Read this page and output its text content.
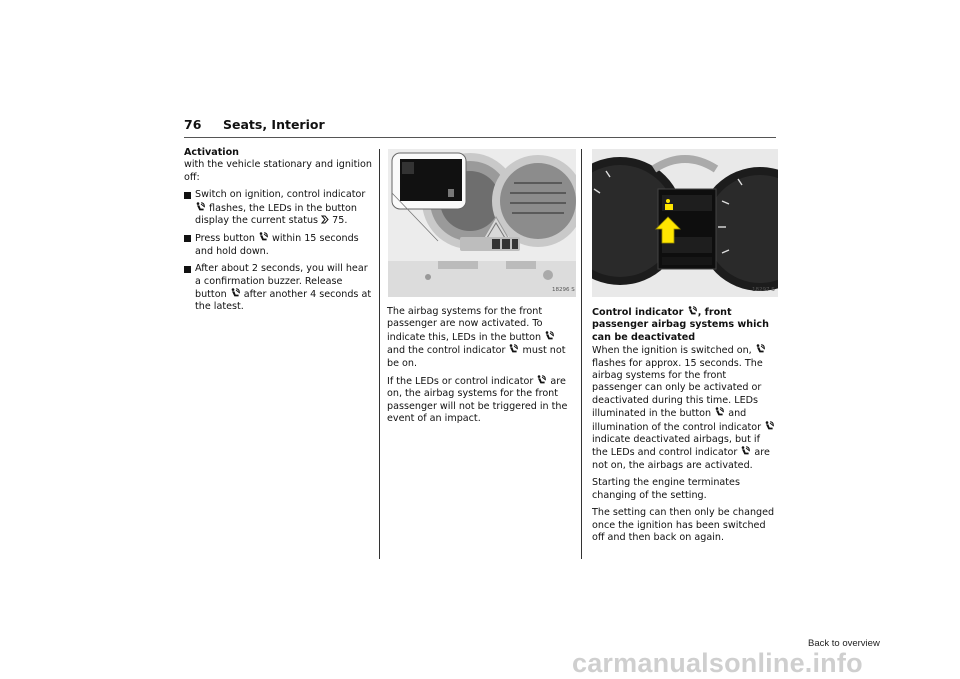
76 Seats, Interior
Activation

with the vehicle stationary and ignition off:

Switch on ignition, control indicator  flashes, the LEDs in the button display the current status  75.
Press button  within 15 seconds and hold down.
After about 2 seconds, you will hear a confirmation buzzer. Release button  after another 4 seconds at the latest.
18296 S	18297 S

The airbag systems for the front passenger are now activated. To indicate this, LEDs in the button  and the control indicator  must not be on.

If the LEDs or control indicator  are on, the airbag systems for the front passenger will not be triggered in the event of an impact.

Control indicator , front passenger airbag systems which can be deactivated

When the ignition is switched on,  flashes for approx. 15 seconds. The airbag systems for the front passenger can only be activated or deactivated during this time. LEDs illuminated in the button  and illumination of the control indicator  indicate deactivated airbags, but if the LEDs and control indicator  are not on, the airbags are activated.

Starting the engine terminates changing of the setting.

The setting can then only be changed once the ignition has been switched off and then back on again.

Back to overview
carmanualsonline.info
